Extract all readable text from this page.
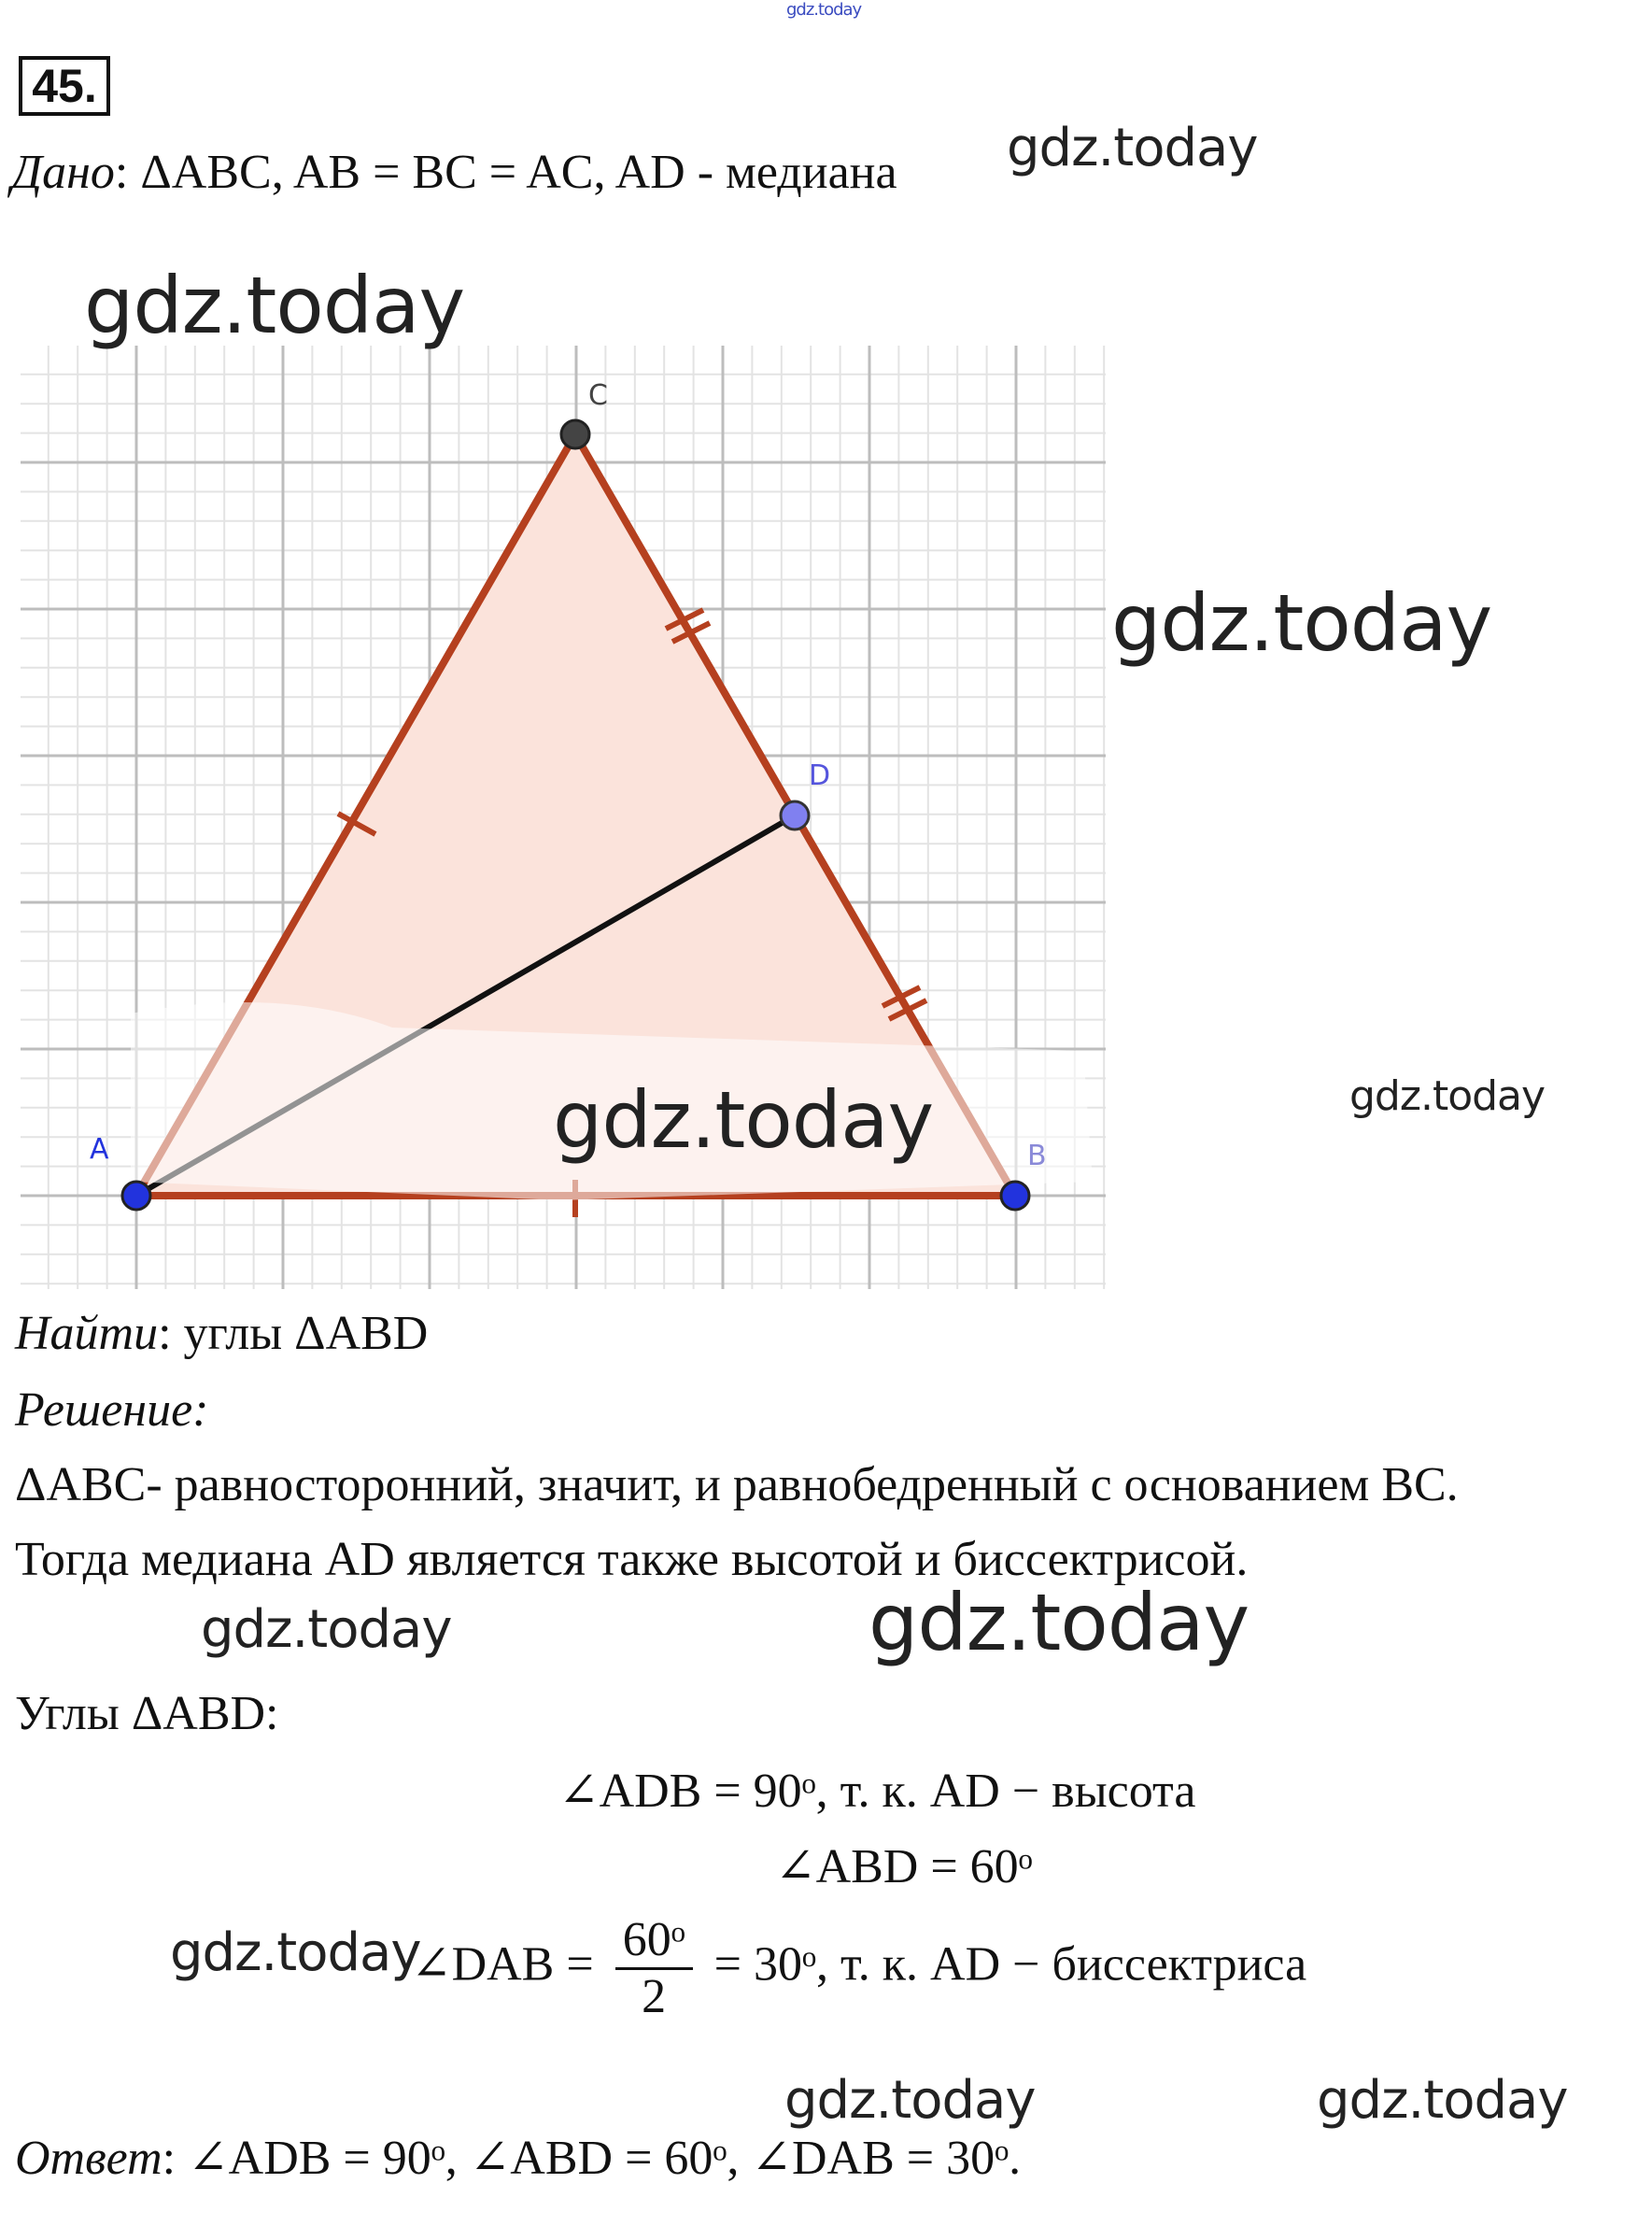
gdz.today
45.
Дано: ΔABC, AB = BC = AC, AD - медиана
C
D
A	B
Найти: углы ΔABD
Решение:
ΔABC- равносторонний, значит, и равнобедренный с основанием BC.
Тогда медиана AD является также высотой и биссектрисой.
Углы ΔABD:
∠ADB = 90ᵒ, т. к. AD − высота
∠ABD = 60ᵒ
∠DAB = $\frac{\text{60ᵒ}}{2}$ = 30ᵒ, т. к. AD − биссектриса
Ответ: ∠ADB = 90ᵒ, ∠ABD = 60ᵒ, ∠DAB = 30ᵒ.
gdz.today
gdz.today
gdz.today
gdz.today	gdz.today
gdz.today	gdz.today
gdz.today
gdz.today	gdz.today
